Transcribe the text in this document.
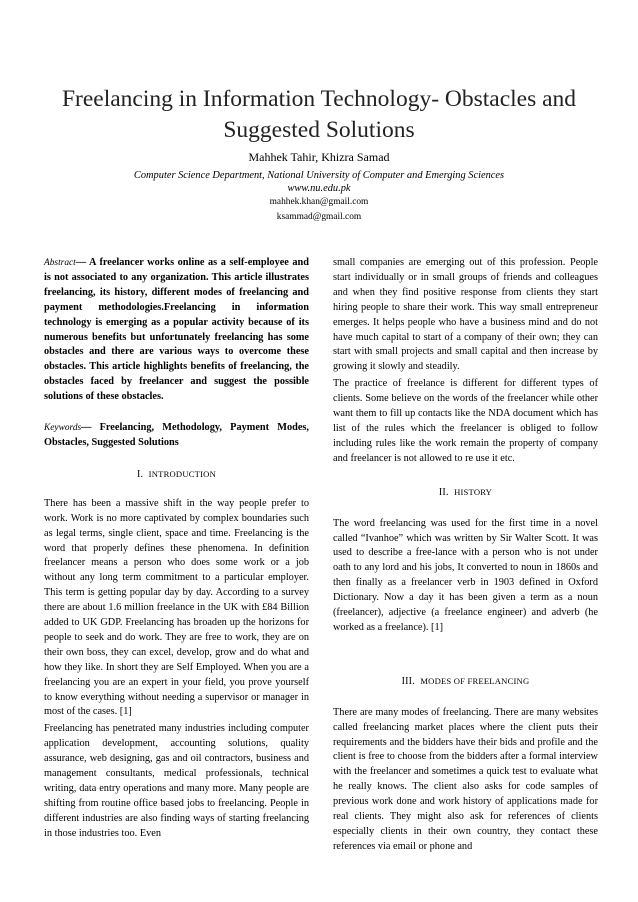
Freelancing in Information Technology- Obstacles and Suggested Solutions
Mahhek Tahir, Khizra Samad
Computer Science Department, National University of Computer and Emerging Sciences
www.nu.edu.pk
mahhek.khan@gmail.com
ksammad@gmail.com

Abstract— A freelancer works online as a self-employee and is not associated to any organization. This article illustrates freelancing, its history, different modes of freelancing and payment methodologies.Freelancing in information technology is emerging as a popular activity because of its numerous benefits but unfortunately freelancing has some obstacles and there are various ways to overcome these obstacles. This article highlights benefits of freelancing, the obstacles faced by freelancer and suggest the possible solutions of these obstacles.

Keywords— Freelancing, Methodology, Payment Modes, Obstacles, Suggested Solutions

I. INTRODUCTION

There has been a massive shift in the way people prefer to work. Work is no more captivated by complex boundaries such as legal terms, single client, space and time. Freelancing is the word that properly defines these phenomena. In definition freelancer means a person who does some work or a job without any long term commitment to a particular employer. This term is getting popular day by day. According to a survey there are about 1.6 million freelance in the UK with £84 Billion added to UK GDP. Freelancing has broaden up the horizons for people to seek and do work. They are free to work, they are on their own boss, they can excel, develop, grow and do what and how they like. In short they are Self Employed. When you are a freelancing you are an expert in your field, you prove yourself to know everything without needing a supervisor or manager in most of the cases. [1]

Freelancing has penetrated many industries including computer application development, accounting solutions, quality assurance, web designing, gas and oil contractors, business and management consultants, medical professionals, technical writing, data entry operations and many more. Many people are shifting from routine office based jobs to freelancing. People in different industries are also finding ways of starting freelancing in those industries too. Even

small companies are emerging out of this profession. People start individually or in small groups of friends and colleagues and when they find positive response from clients they start hiring people to share their work. This way small entrepreneur emerges. It helps people who have a business mind and do not have much capital to start of a company of their own; they can start with small projects and small capital and then increase by growing it slowly and steadily.

The practice of freelance is different for different types of clients. Some believe on the words of the freelancer while other want them to fill up contacts like the NDA document which has list of the rules which the freelancer is obliged to follow including rules like the work remain the property of company and freelancer is not allowed to re use it etc.

II. HISTORY

The word freelancing was used for the first time in a novel called “Ivanhoe” which was written by Sir Walter Scott. It was used to describe a free-lance with a person who is not under oath to any lord and his jobs, It converted to noun in 1860s and then finally as a freelancer verb in 1903 defined in Oxford Dictionary. Now a day it has been given a term as a noun (freelancer), adjective (a freelance engineer) and adverb (he worked as a freelance). [1]

III. MODES OF FREELANCING

There are many modes of freelancing. There are many websites called freelancing market places where the client puts their requirements and the bidders have their bids and profile and the client is free to choose from the bidders after a formal interview with the freelancer and sometimes a quick test to evaluate what he really knows. The client also asks for code samples of previous work done and work history of applications made for real clients. They might also ask for references of clients especially clients in their own country, they contact these references via email or phone and
